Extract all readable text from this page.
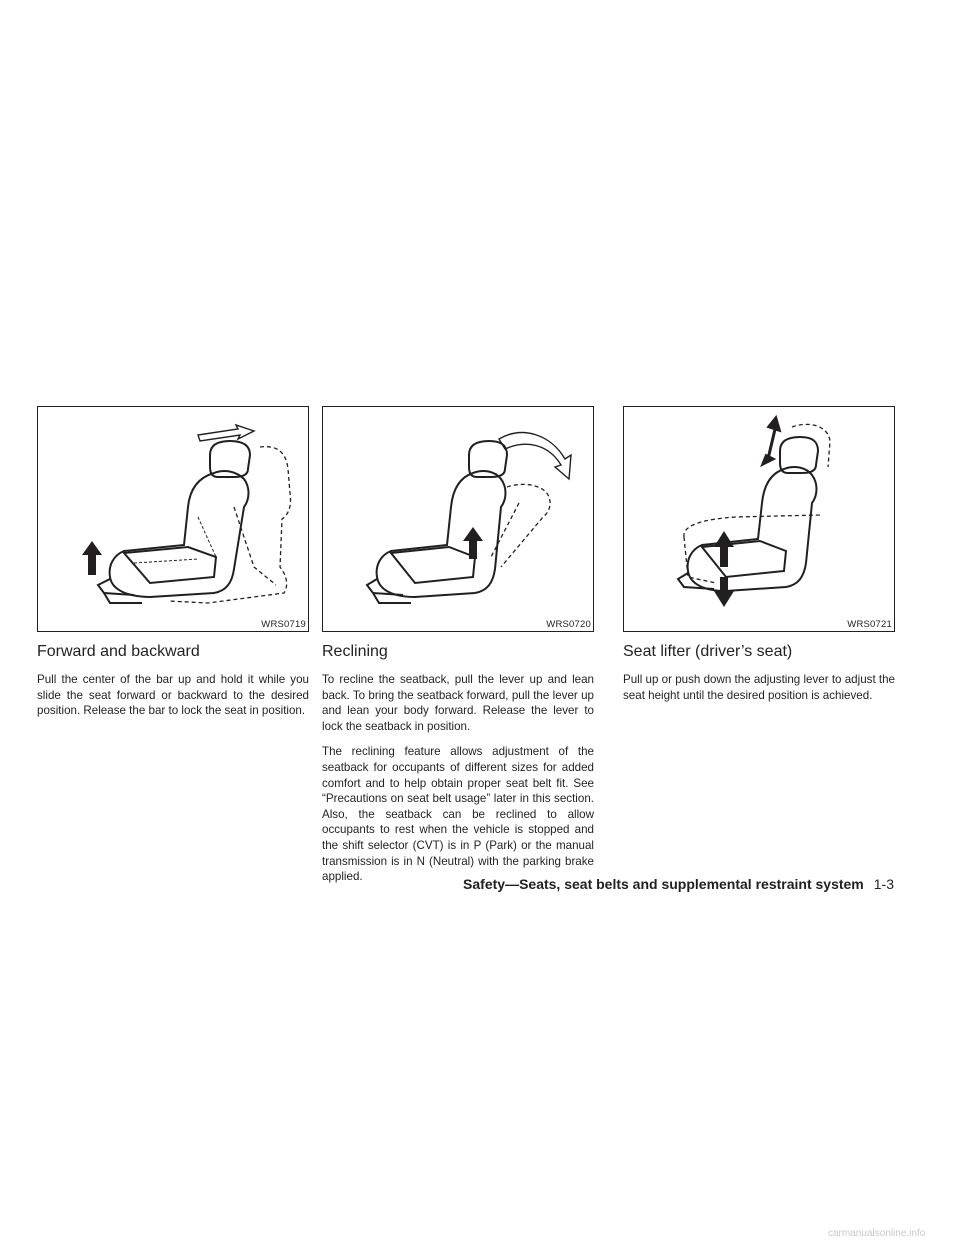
WRS0719
Forward and backward

Pull the center of the bar up and hold it while you slide the seat forward or backward to the desired position. Release the bar to lock the seat in position.

WRS0720
Reclining

To recline the seatback, pull the lever up and lean back. To bring the seatback forward, pull the lever up and lean your body forward. Release the lever to lock the seatback in position.

The reclining feature allows adjustment of the seatback for occupants of different sizes for added comfort and to help obtain proper seat belt fit. See “Precautions on seat belt usage” later in this section. Also, the seatback can be reclined to allow occupants to rest when the vehicle is stopped and the shift selector (CVT) is in P (Park) or the manual transmission is in N (Neutral) with the parking brake applied.

WRS0721
Seat lifter (driver’s seat)

Pull up or push down the adjusting lever to adjust the seat height until the desired position is achieved.

Safety—Seats, seat belts and supplemental restraint system 1-3
carmanualsonline.info
